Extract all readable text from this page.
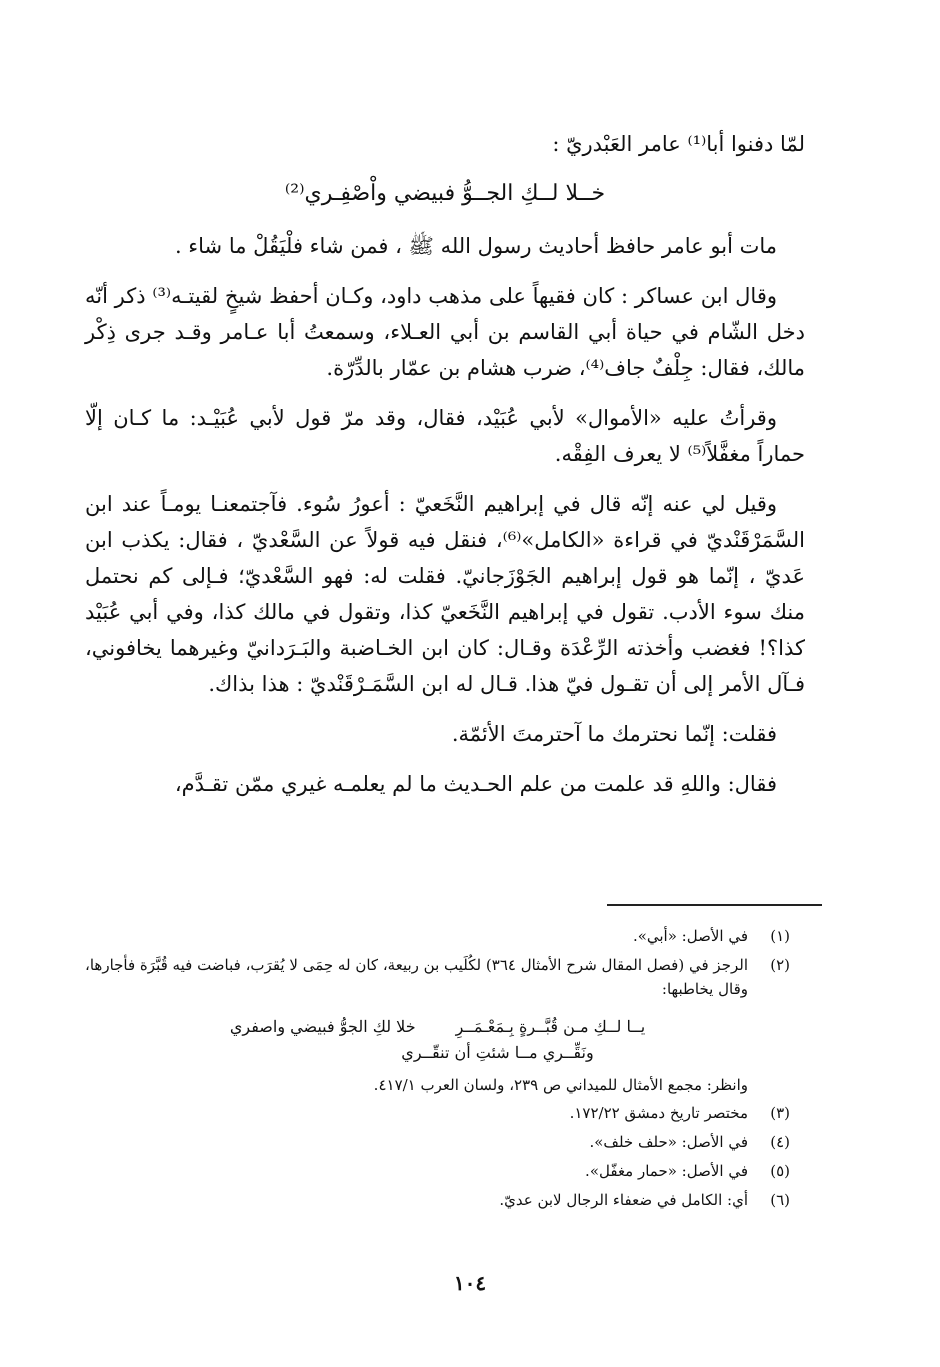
لمّا دفنوا أبا⁽¹⁾ عامر العَبْدريّ :

خــلا لــكِ الجــوُّ فبيضي واْصْفِـري⁽²⁾

مات أبو عامر حافظ أحاديث رسول الله ﷺ ، فمن شاء فلْيَقُلْ ما شاء .

وقال ابن عساكر : كان فقيهاً على مذهب داود، وكـان أحفظ شيخٍ لقيتـه⁽³⁾ ذكر أنّه دخل الشّام في حياة أبي القاسم بن أبي العـلاء، وسمعتُ أبا عـامر وقـد جرى ذِكْر مالك، فقال: جِلْفٌ جاف⁽⁴⁾، ضرب هشام بن عمّار بالدِّرّة.

وقرأتُ عليه «الأموال» لأبي عُبَيْد، فقال، وقد مرّ قول لأبي عُبَيْـد: ما كـان إلّا حماراً مغفَّلاً⁽⁵⁾ لا يعرف الفِقْه.

وقيل لي عنه إنّه قال في إبراهيم النَّخَعيّ : أعورُ سُوء. فآجتمعنـا يومـاً عند ابن السَّمَرْقَنْديّ في قراءة «الكامل»⁽⁶⁾، فنقل فيه قولاً عن السَّعْديّ ، فقال: يكذب ابن عَديّ ، إنّما هو قول إبراهيم الجَوْزَجانيّ. فقلت له: فهو السَّعْديّ؛ فـإلى كم نحتمل منك سوء الأدب. تقول في إبراهيم النَّخَعيّ كذا، وتقول في مالك كذا، وفي أبي عُبَيْد كذا؟! فغضب وأخذته الرِّعْدَة وقـال: كان ابن الخـاضبة والبَـرَدانيّ وغيرهما يخافوني، فـآل الأمر إلى أن تقـول فيّ هذا. قـال له ابن السَّمَـرْقَنْديّ : هذا بذاك.

فقلت: إنّما نحترمك ما آحترمتَ الأئمّة.

فقال: واللهِ قد علمت من علم الحـديث ما لم يعلمـه غيري ممّن تقـدَّم،

(١)
في الأصل: «أبي».
(٢)
الرجز في (فصل المقال شرح الأمثال ٣٦٤) لكُلَيب بن ربيعة، كان له حِمَى لا يُقرَب، فباضت فيه قُبَّرَة فأجارها، وقال يخاطبها:
يــا لــكِ مـن قُبَّــرةٍ بِـمَعْـمَــرِ
خلا لكِ الجوُّ فبيضي واصفري
ونَقِّــري مــا شئتِ أن تنقّــري
وانظر: مجمع الأمثال للميداني ص ٢٣٩، ولسان العرب ٤١٧/١.
(٣)
مختصر تاريخ دمشق ١٧٢/٢٢.
(٤)
في الأصل: «حلف خلف».
(٥)
في الأصل: «حمار مغفّل».
(٦)
أي: الكامل في ضعفاء الرجال لابن عديّ.
١٠٤
